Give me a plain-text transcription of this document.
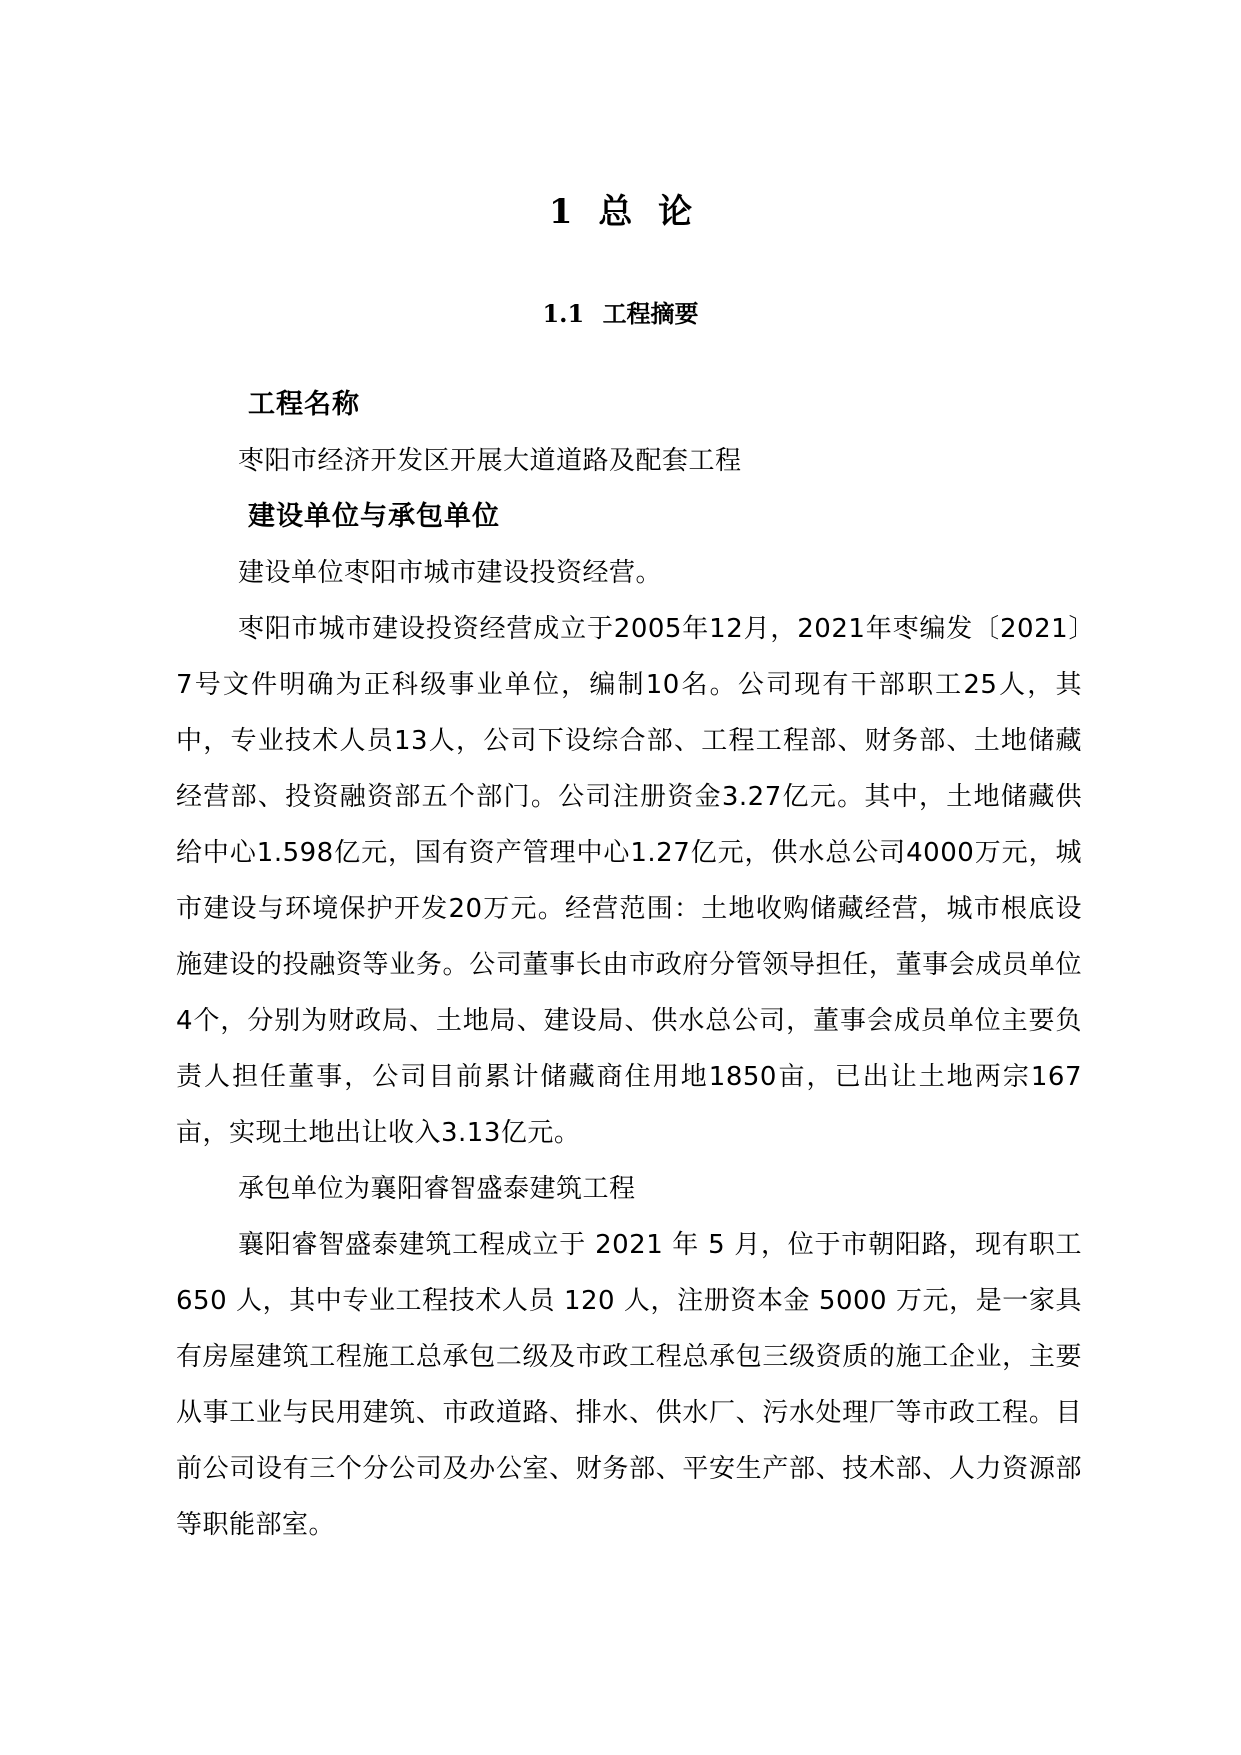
1 总 论
1.1 工程摘要

工程名称

枣阳市经济开发区开展大道道路及配套工程

建设单位与承包单位

建设单位枣阳市城市建设投资经营。

枣阳市城市建设投资经营成立于2005年12月，2021年枣编发〔2021〕7号文件明确为正科级事业单位，编制10名。公司现有干部职工25人，其中，专业技术人员13人，公司下设综合部、工程工程部、财务部、土地储藏经营部、投资融资部五个部门。公司注册资金3.27亿元。其中，土地储藏供给中心1.598亿元，国有资产管理中心1.27亿元，供水总公司4000万元，城市建设与环境保护开发20万元。经营范围：土地收购储藏经营，城市根底设施建设的投融资等业务。公司董事长由市政府分管领导担任，董事会成员单位4个，分别为财政局、土地局、建设局、供水总公司，董事会成员单位主要负责人担任董事，公司目前累计储藏商住用地1850亩，已出让土地两宗167亩，实现土地出让收入3.13亿元。

承包单位为襄阳睿智盛泰建筑工程

襄阳睿智盛泰建筑工程成立于 2021 年 5 月，位于市朝阳路，现有职工 650 人，其中专业工程技术人员 120 人，注册资本金 5000 万元，是一家具有房屋建筑工程施工总承包二级及市政工程总承包三级资质的施工企业，主要从事工业与民用建筑、市政道路、排水、供水厂、污水处理厂等市政工程。目前公司设有三个分公司及办公室、财务部、平安生产部、技术部、人力资源部等职能部室。
